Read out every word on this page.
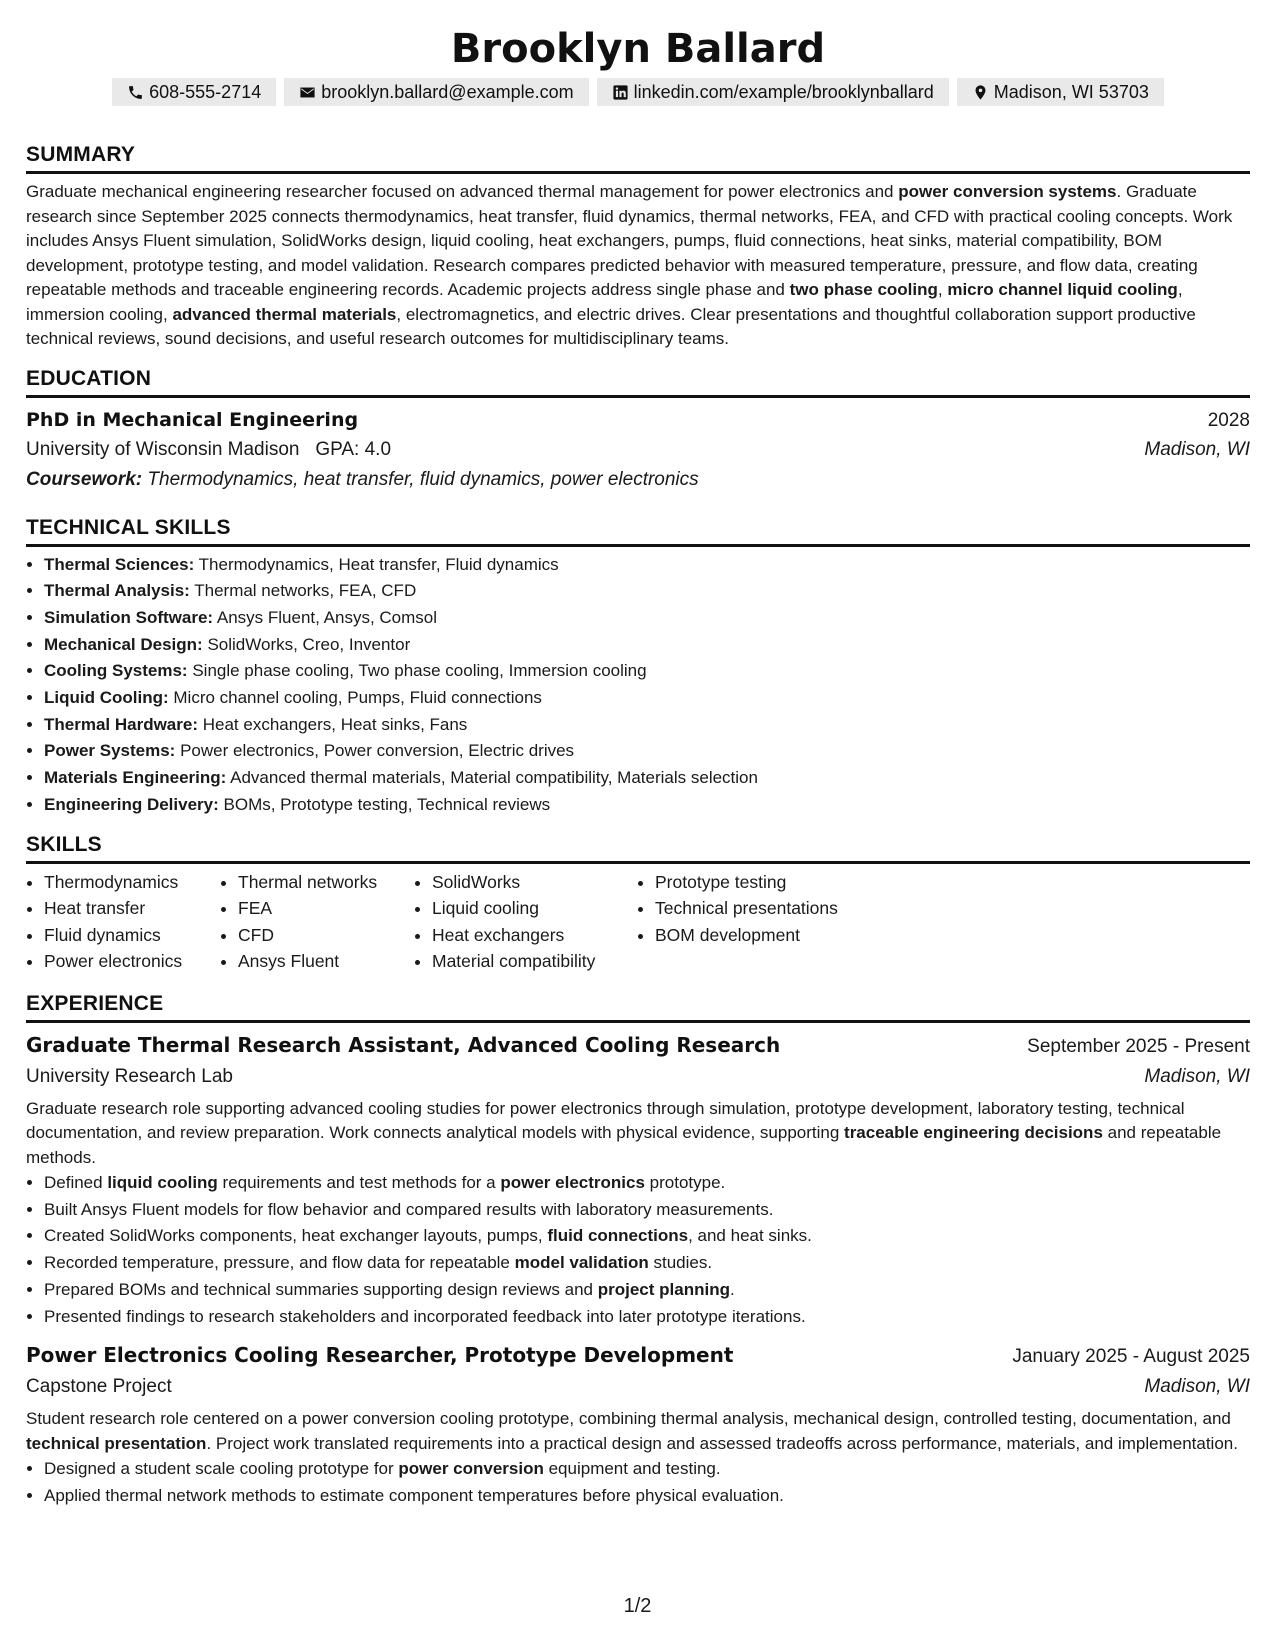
Brooklyn Ballard
608-555-2714	brooklyn.ballard@example.com	linkedin.com/example/brooklynballard	Madison, WI 53703
SUMMARY

Graduate mechanical engineering researcher focused on advanced thermal management for power electronics and power conversion systems. Graduate research since September 2025 connects thermodynamics, heat transfer, fluid dynamics, thermal networks, FEA, and CFD with practical cooling concepts. Work includes Ansys Fluent simulation, SolidWorks design, liquid cooling, heat exchangers, pumps, fluid connections, heat sinks, material compatibility, BOM development, prototype testing, and model validation. Research compares predicted behavior with measured temperature, pressure, and flow data, creating repeatable methods and traceable engineering records. Academic projects address single phase and two phase cooling, micro channel liquid cooling, immersion cooling, advanced thermal materials, electromagnetics, and electric drives. Clear presentations and thoughtful collaboration support productive technical reviews, sound decisions, and useful research outcomes for multidisciplinary teams.

EDUCATION
PhD in Mechanical Engineering	2028
University of Wisconsin Madison GPA: 4.0	Madison, WI
Coursework: Thermodynamics, heat transfer, fluid dynamics, power electronics
TECHNICAL SKILLS
• Thermal Sciences: Thermodynamics, Heat transfer, Fluid dynamics
• Thermal Analysis: Thermal networks, FEA, CFD
• Simulation Software: Ansys Fluent, Ansys, Comsol
• Mechanical Design: SolidWorks, Creo, Inventor
• Cooling Systems: Single phase cooling, Two phase cooling, Immersion cooling
• Liquid Cooling: Micro channel cooling, Pumps, Fluid connections
• Thermal Hardware: Heat exchangers, Heat sinks, Fans
• Power Systems: Power electronics, Power conversion, Electric drives
• Materials Engineering: Advanced thermal materials, Material compatibility, Materials selection
• Engineering Delivery: BOMs, Prototype testing, Technical reviews
SKILLS
• Thermodynamics
• Heat transfer
• Fluid dynamics
• Power electronics
• Thermal networks
• FEA
• CFD
• Ansys Fluent
• SolidWorks
• Liquid cooling
• Heat exchangers
• Material compatibility
• Prototype testing
• Technical presentations
• BOM development
EXPERIENCE
Graduate Thermal Research Assistant, Advanced Cooling Research	September 2025 - Present
University Research Lab	Madison, WI

Graduate research role supporting advanced cooling studies for power electronics through simulation, prototype development, laboratory testing, technical documentation, and review preparation. Work connects analytical models with physical evidence, supporting traceable engineering decisions and repeatable methods.

• Defined liquid cooling requirements and test methods for a power electronics prototype.
• Built Ansys Fluent models for flow behavior and compared results with laboratory measurements.
• Created SolidWorks components, heat exchanger layouts, pumps, fluid connections, and heat sinks.
• Recorded temperature, pressure, and flow data for repeatable model validation studies.
• Prepared BOMs and technical summaries supporting design reviews and project planning.
• Presented findings to research stakeholders and incorporated feedback into later prototype iterations.
Power Electronics Cooling Researcher, Prototype Development	January 2025 - August 2025
Capstone Project	Madison, WI

Student research role centered on a power conversion cooling prototype, combining thermal analysis, mechanical design, controlled testing, documentation, and technical presentation. Project work translated requirements into a practical design and assessed tradeoffs across performance, materials, and implementation.

• Designed a student scale cooling prototype for power conversion equipment and testing.
• Applied thermal network methods to estimate component temperatures before physical evaluation.
1/2
